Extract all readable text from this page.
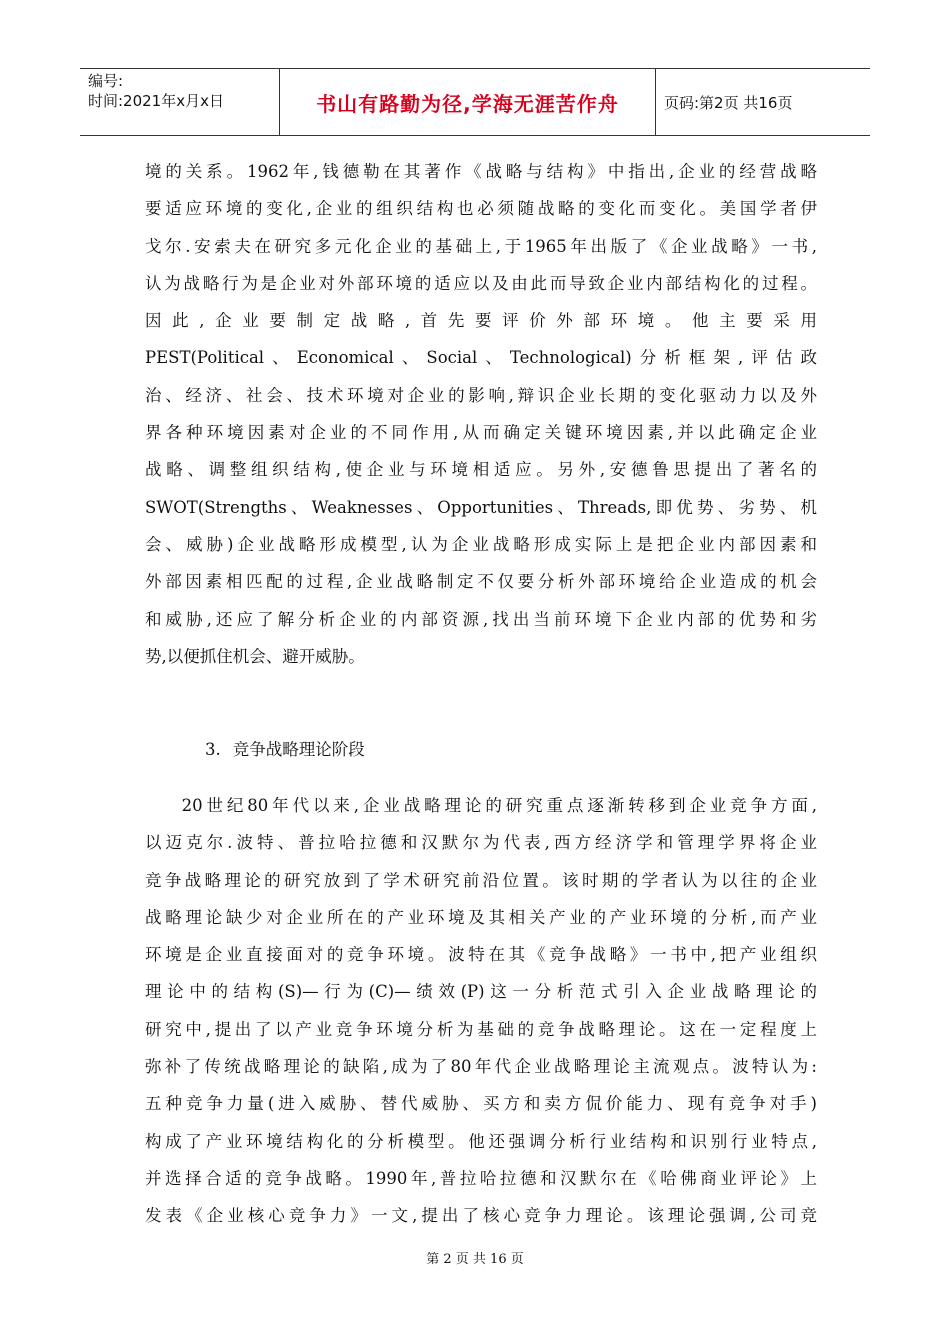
编号:
时间:2021年x月x日	书山有路勤为径,学海无涯苦作舟	页码:第2页 共16页
境的关系。1962年,钱德勒在其著作《战略与结构》中指出,企业的经营战略
要适应环境的变化,企业的组织结构也必须随战略的变化而变化。美国学者伊
戈尔.安索夫在研究多元化企业的基础上,于1965年出版了《企业战略》一书,
认为战略行为是企业对外部环境的适应以及由此而导致企业内部结构化的过程。
因此,企业要制定战略,首先要评价外部环境。他主要采用
PEST(Political、Economical、Social、Technological)分析框架,评估政
治、经济、社会、技术环境对企业的影响,辩识企业长期的变化驱动力以及外
界各种环境因素对企业的不同作用,从而确定关键环境因素,并以此确定企业
战略、调整组织结构,使企业与环境相适应。另外,安德鲁思提出了著名的
SWOT(Strengths、Weaknesses、Opportunities、Threads,即优势、劣势、机
会、威胁)企业战略形成模型,认为企业战略形成实际上是把企业内部因素和
外部因素相匹配的过程,企业战略制定不仅要分析外部环境给企业造成的机会
和威胁,还应了解分析企业的内部资源,找出当前环境下企业内部的优势和劣
势,以便抓住机会、避开威胁。
3. 竞争战略理论阶段
20世纪80年代以来,企业战略理论的研究重点逐渐转移到企业竞争方面,
以迈克尔.波特、普拉哈拉德和汉默尔为代表,西方经济学和管理学界将企业
竞争战略理论的研究放到了学术研究前沿位置。该时期的学者认为以往的企业
战略理论缺少对企业所在的产业环境及其相关产业的产业环境的分析,而产业
环境是企业直接面对的竞争环境。波特在其《竞争战略》一书中,把产业组织
理论中的结构(S)—行为(C)—绩效(P)这一分析范式引入企业战略理论的
研究中,提出了以产业竞争环境分析为基础的竞争战略理论。这在一定程度上
弥补了传统战略理论的缺陷,成为了80年代企业战略理论主流观点。波特认为:
五种竞争力量(进入威胁、替代威胁、买方和卖方侃价能力、现有竞争对手)
构成了产业环境结构化的分析模型。他还强调分析行业结构和识别行业特点,
并选择合适的竞争战略。1990年,普拉哈拉德和汉默尔在《哈佛商业评论》上
发表《企业核心竞争力》一文,提出了核心竞争力理论。该理论强调,公司竞
第 2 页 共 16 页
